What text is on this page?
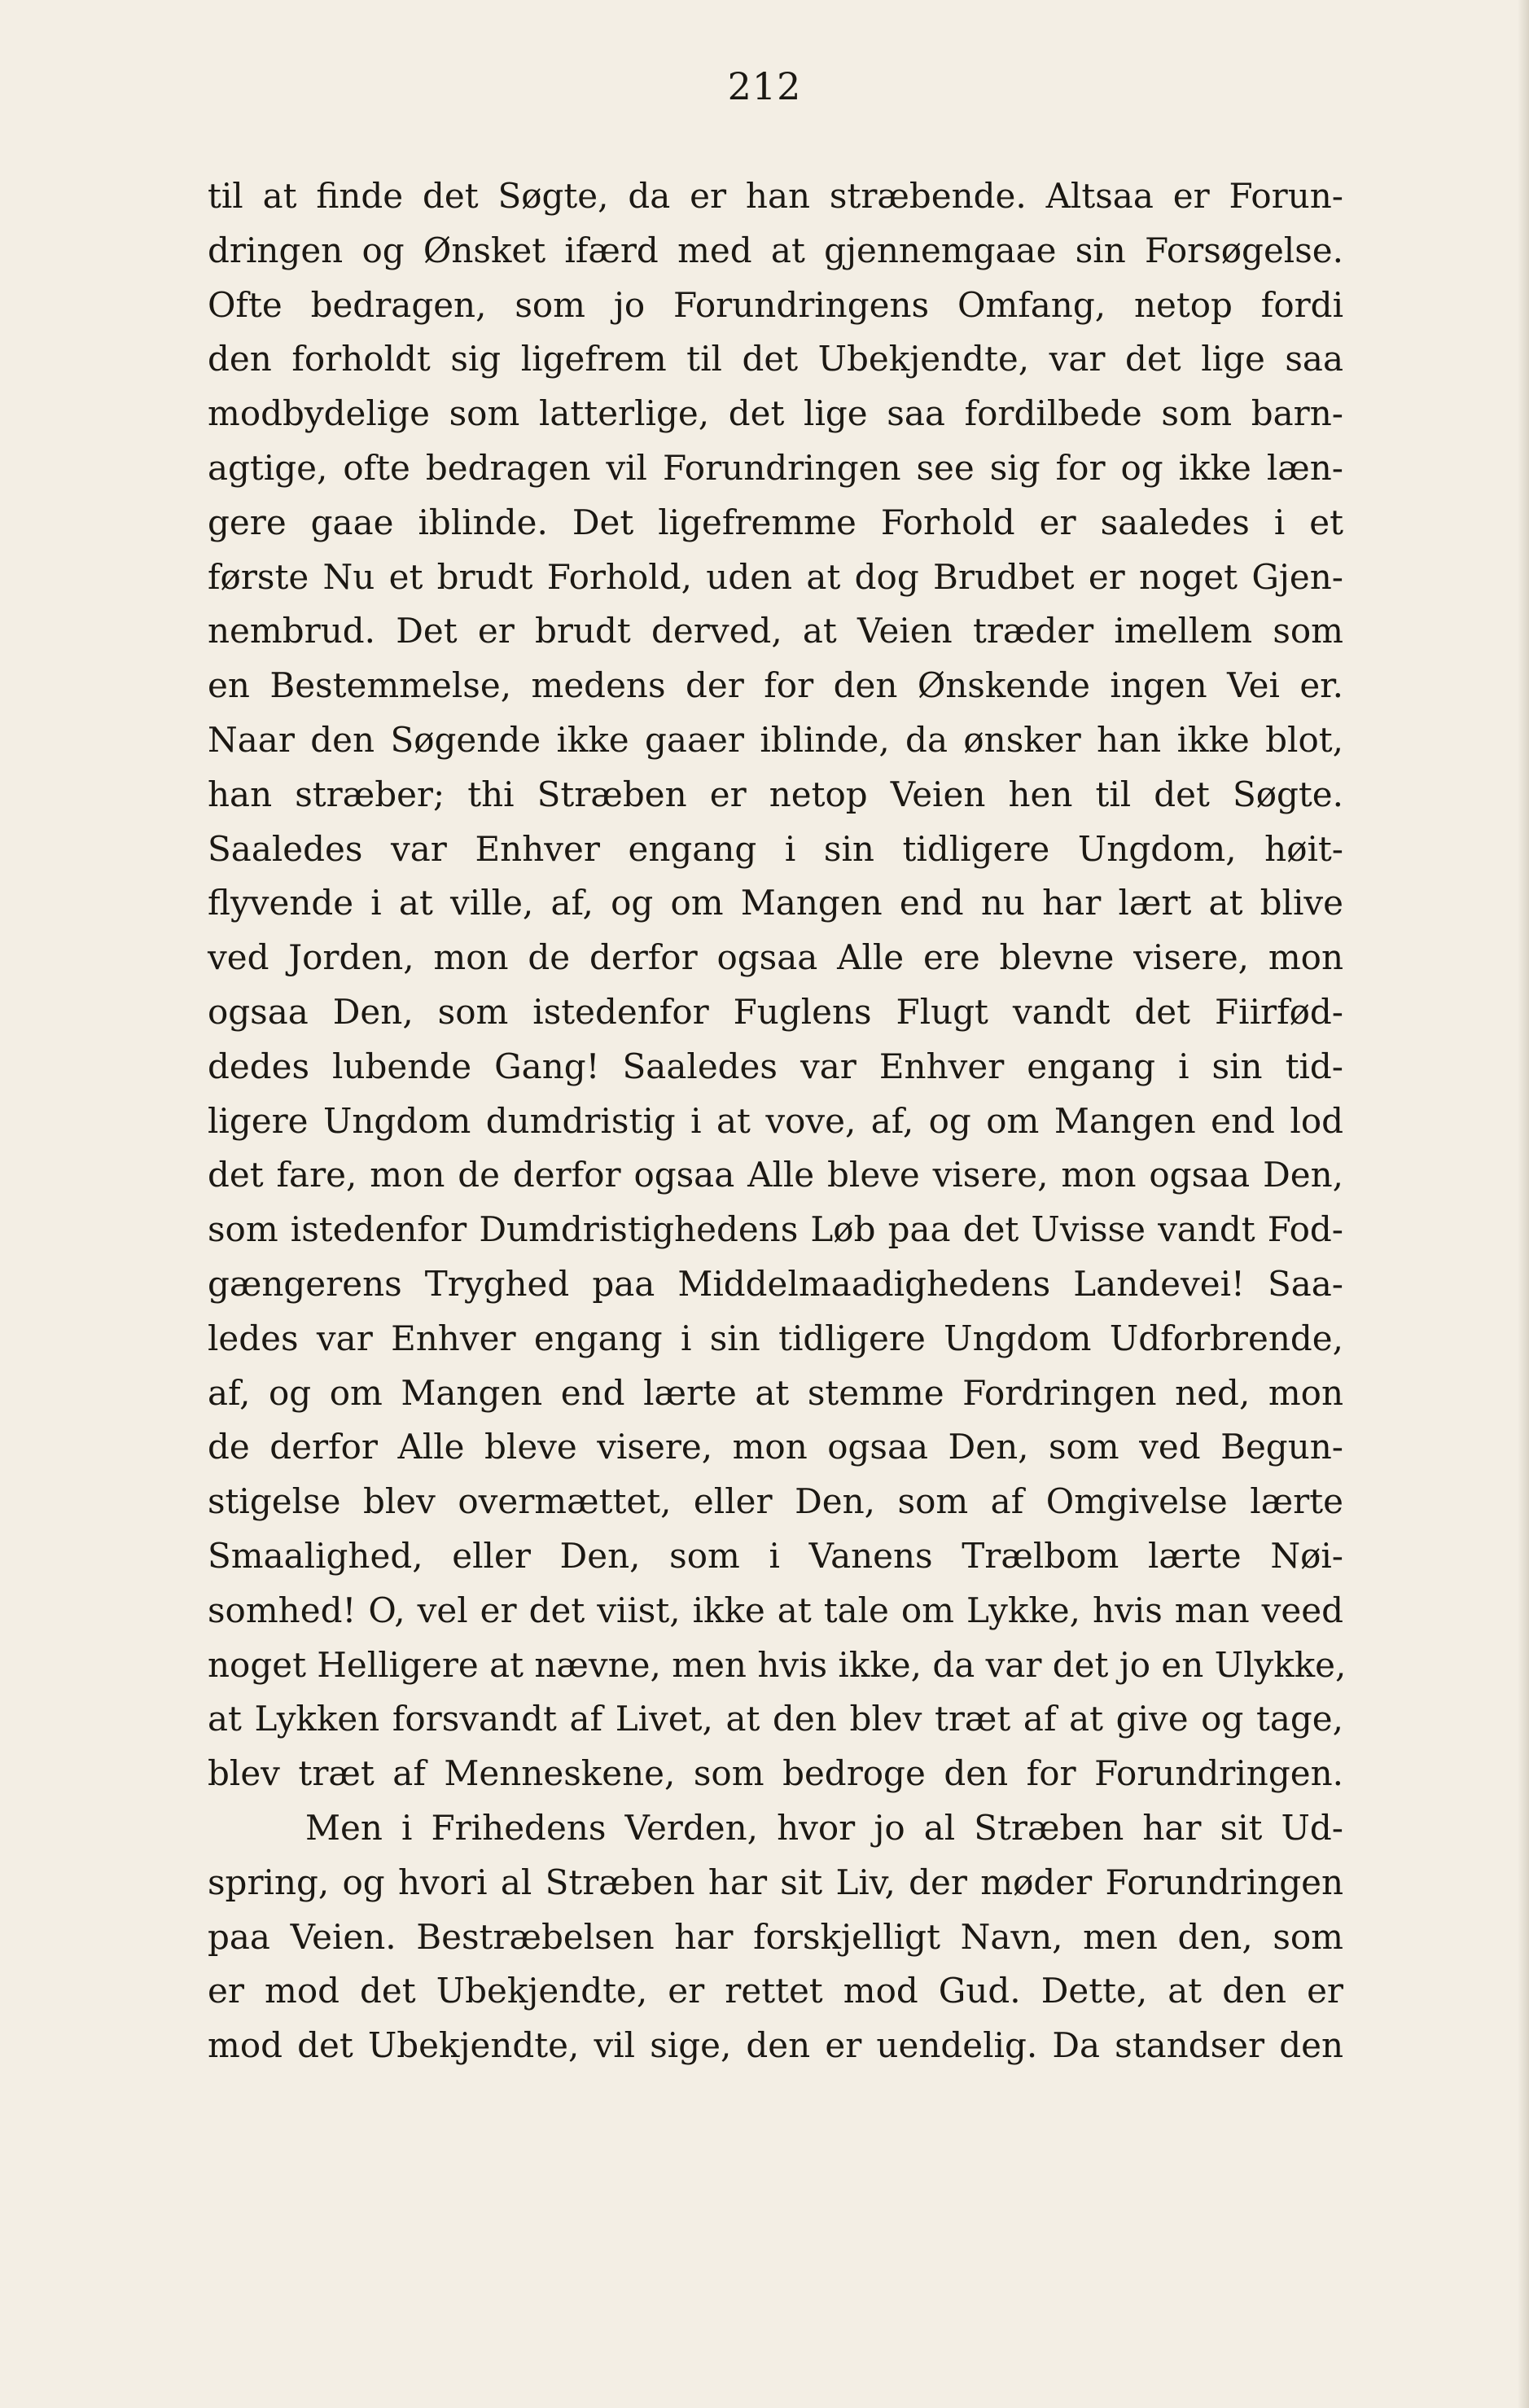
212
til at finde det Søgte, da er han stræbende. Altsaa er Forun-
dringen og Ønsket ifærd med at gjennemgaae sin Forsøgelse.
Ofte bedragen, som jo Forundringens Omfang, netop fordi
den forholdt sig ligefrem til det Ubekjendte, var det lige saa
modbydelige som latterlige, det lige saa fordilbede som barn-
agtige, ofte bedragen vil Forundringen see sig for og ikke læn-
gere gaae iblinde. Det ligefremme Forhold er saaledes i et
første Nu et brudt Forhold, uden at dog Brudbet er noget Gjen-
nembrud. Det er brudt derved, at Veien træder imellem som
en Bestemmelse, medens der for den Ønskende ingen Vei er.
Naar den Søgende ikke gaaer iblinde, da ønsker han ikke blot,
han stræber; thi Stræben er netop Veien hen til det Søgte.
Saaledes var Enhver engang i sin tidligere Ungdom, høit-
flyvende i at ville, af, og om Mangen end nu har lært at blive
ved Jorden, mon de derfor ogsaa Alle ere blevne visere, mon
ogsaa Den, som istedenfor Fuglens Flugt vandt det Fiirfød-
dedes lubende Gang! Saaledes var Enhver engang i sin tid-
ligere Ungdom dumdristig i at vove, af, og om Mangen end lod
det fare, mon de derfor ogsaa Alle blеve visere, mon ogsaa Den,
som istedenfor Dumdristighedens Løb paa det Uvisse vandt Fod-
gængerens Tryghed paa Middelmaadighedens Landevei! Saa-
ledes var Enhver engang i sin tidligere Ungdom Udforbrende,
af, og om Mangen end lærte at stemme Fordringen ned, mon
de derfor Alle blеve visere, mon ogsaa Den, som ved Begun-
stigelse blev overmættet, eller Den, som af Omgivelse lærte
Smaalighed, eller Den, som i Vanens Trælbom lærte Nøi-
somhed! O, vel er det viist, ikke at tale om Lykke, hvis man veed
noget Helligere at nævne, men hvis ikke, da var det jo en Ulykke,
at Lykken forsvandt af Livet, at den blev træt af at give og tage,
blev træt af Menneskene, som bedroge den for Forundringen.
Men i Frihedens Verden, hvor jo al Stræben har sit Ud-
spring, og hvori al Stræben har sit Liv, der møder Forundringen
paa Veien. Bestræbelsen har forskjelligt Navn, men den, som
er mod det Ubekjendte, er rettet mod Gud. Dette, at den er
mod det Ubekjendte, vil sige, den er uendelig. Da standser den
